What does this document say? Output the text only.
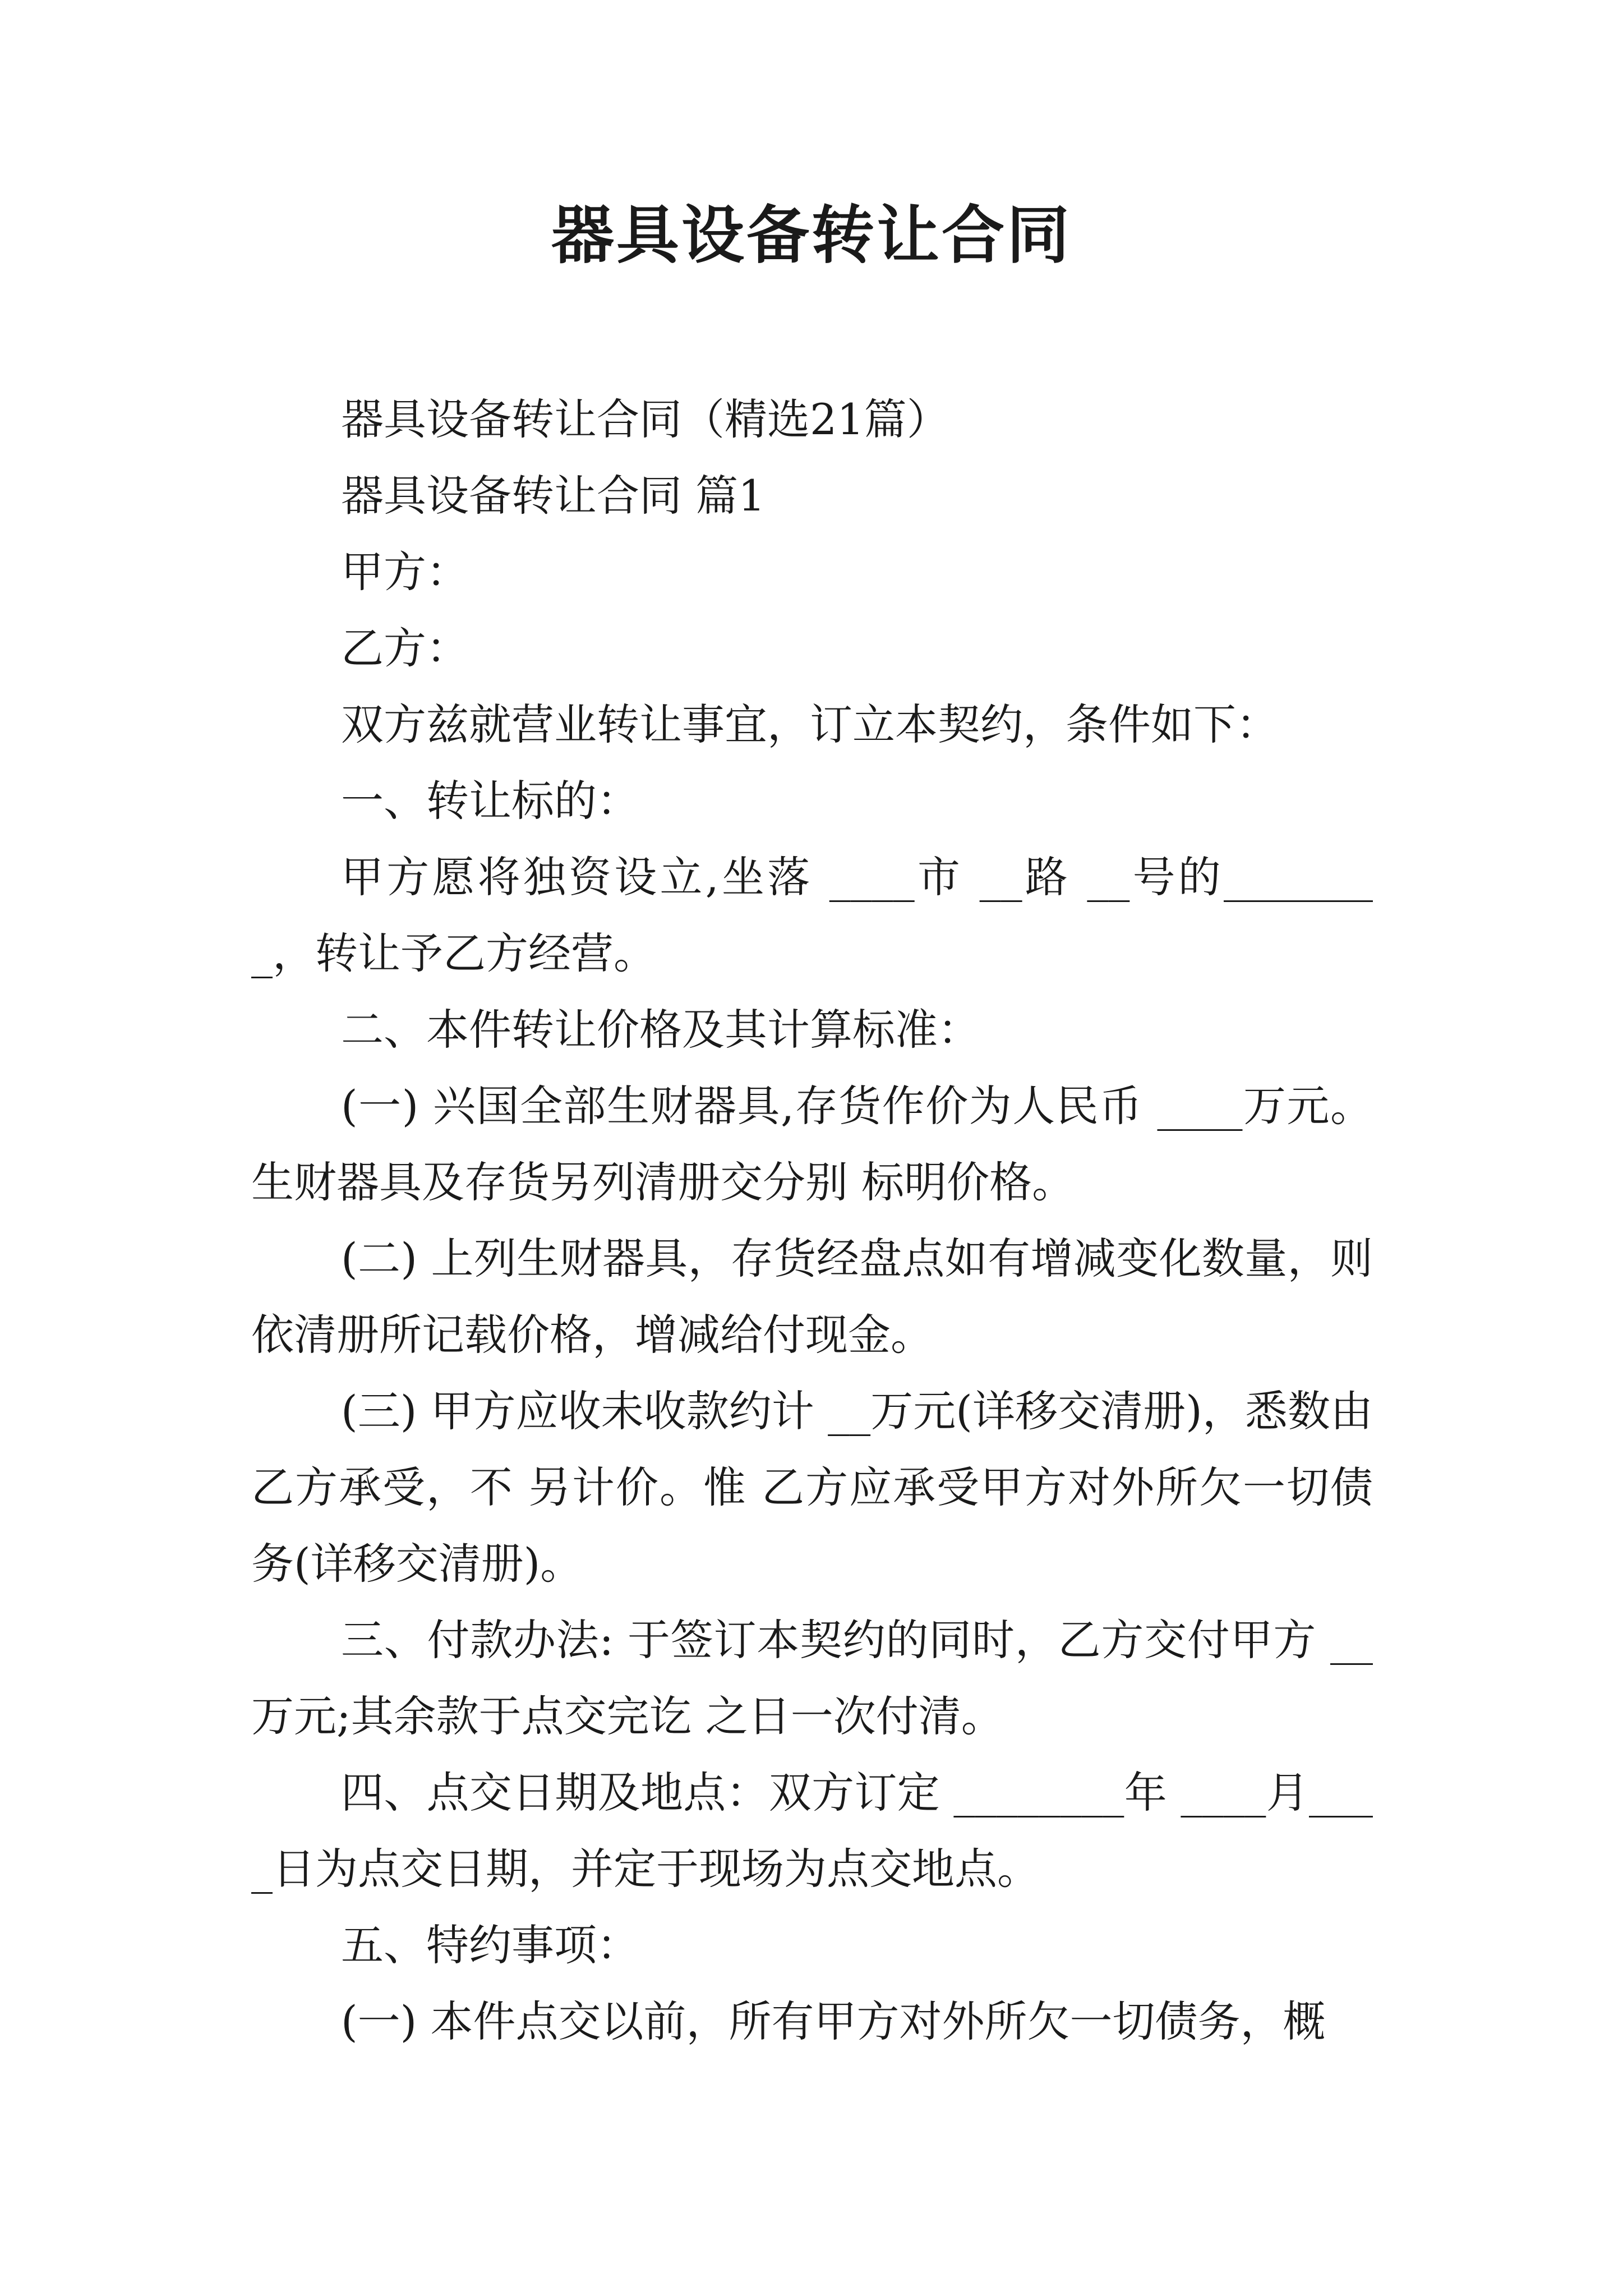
器具设备转让合同

器具设备转让合同（精选21篇）

器具设备转让合同 篇1

甲方：

乙方：

双方兹就营业转让事宜，订立本契约，条件如下：

一、转让标的：

甲方愿将独资设立,坐落 ____市 __路 __号的________，转让予乙方经营。

二、本件转让价格及其计算标准：

(一) 兴国全部生财器具,存货作价为人民币 ____万元。生财器具及存货另列清册交分别 标明价格。

(二) 上列生财器具，存货经盘点如有增减变化数量，则依清册所记载价格，增减给付现金。

(三) 甲方应收未收款约计 __万元(详移交清册)，悉数由乙方承受，不 另计价。惟 乙方应承受甲方对外所欠一切债务(详移交清册)。

三、付款办法: 于签订本契约的同时，乙方交付甲方 __万元;其余款于点交完讫 之日一次付清。

四、点交日期及地点：双方订定 ________年 ____月____日为点交日期，并定于现场为点交地点。

五、特约事项：

(一) 本件点交以前，所有甲方对外所欠一切债务，概
